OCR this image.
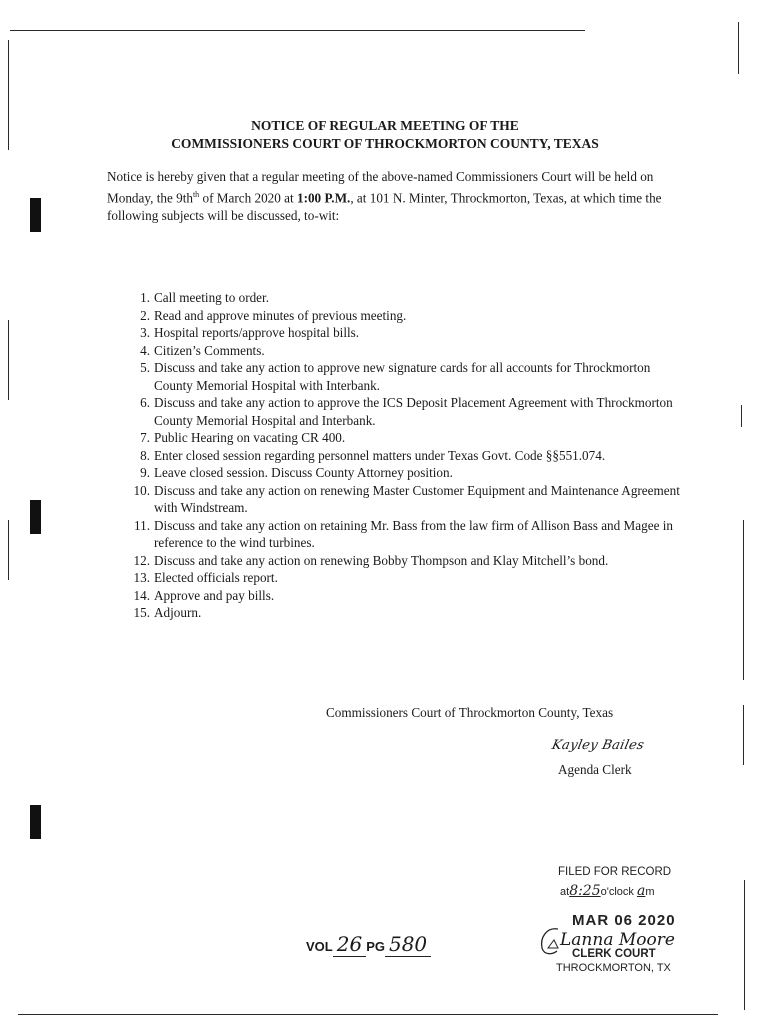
NOTICE OF REGULAR MEETING OF THE
COMMISSIONERS COURT OF THROCKMORTON COUNTY, TEXAS
Notice is hereby given that a regular meeting of the above-named Commissioners Court will be held on Monday, the $9th^{th}$ of March 2020 at 1:00 P.M., at 101 N. Minter, Throckmorton, Texas, at which time the following subjects will be discussed, to-wit:
1. Call meeting to order.
2. Read and approve minutes of previous meeting.
3. Hospital reports/approve hospital bills.
4. Citizen’s Comments.
5. Discuss and take any action to approve new signature cards for all accounts for Throckmorton County Memorial Hospital with Interbank.
6. Discuss and take any action to approve the ICS Deposit Placement Agreement with Throckmorton County Memorial Hospital and Interbank.
7. Public Hearing on vacating CR 400.
8. Enter closed session regarding personnel matters under Texas Govt. Code §§551.074.
9. Leave closed session. Discuss County Attorney position.
10. Discuss and take any action on renewing Master Customer Equipment and Maintenance Agreement with Windstream.
11. Discuss and take any action on retaining Mr. Bass from the law firm of Allison Bass and Magee in reference to the wind turbines.
12. Discuss and take any action on renewing Bobby Thompson and Klay Mitchell’s bond.
13. Elected officials report.
14. Approve and pay bills.
15. Adjourn.
Commissioners Court of Throckmorton County, Texas
Kayley Bailes
Agenda Clerk
FILED FOR RECORD
at8:25o'clock am
MAR 06 2020
Lanna Moore
CLERK COURT
THROCKMORTON, TX
VOL 26 PG 580
